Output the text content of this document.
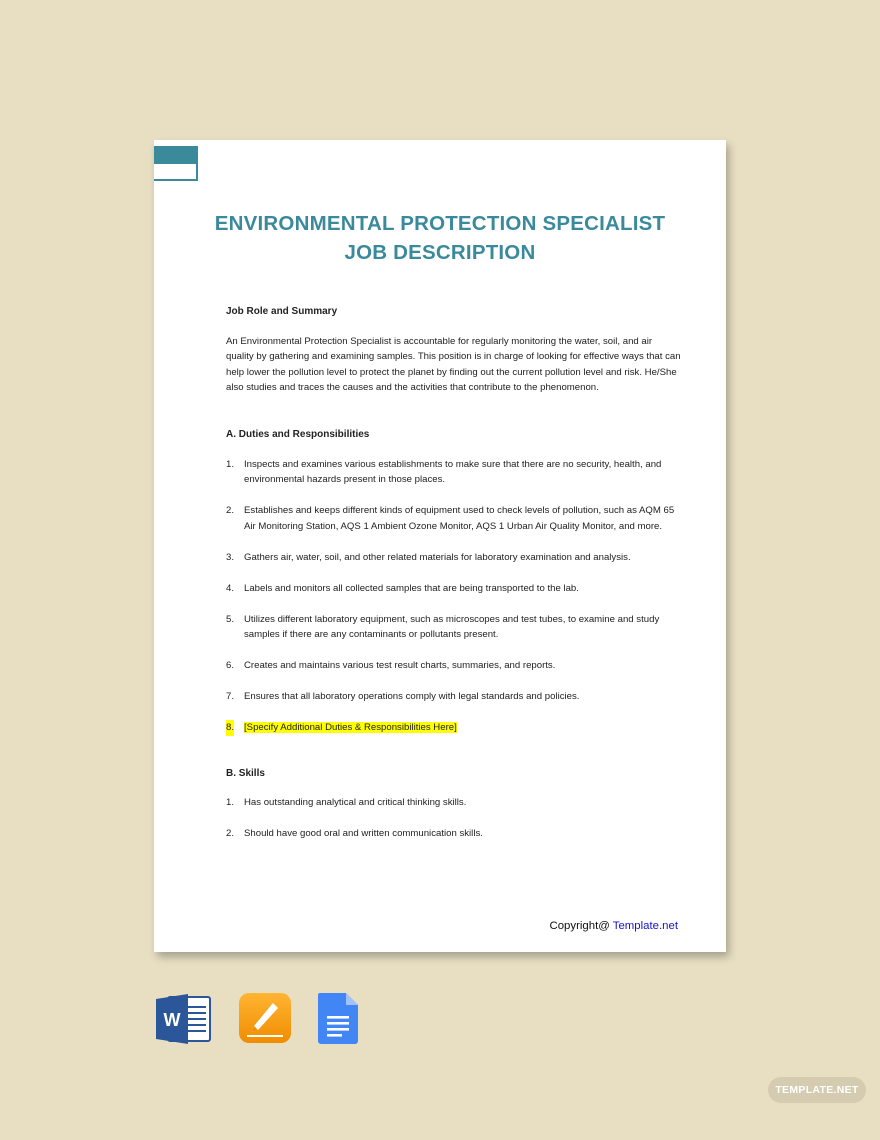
ENVIRONMENTAL PROTECTION SPECIALIST
JOB DESCRIPTION

Job Role and Summary

An Environmental Protection Specialist is accountable for regularly monitoring the water, soil, and air quality by gathering and examining samples. This position is in charge of looking for effective ways that can help lower the pollution level to protect the planet by finding out the current pollution level and risk. He/She also studies and traces the causes and the activities that contribute to the phenomenon.

A. Duties and Responsibilities

1. Inspects and examines various establishments to make sure that there are no security, health, and environmental hazards present in those places.
2. Establishes and keeps different kinds of equipment used to check levels of pollution, such as AQM 65 Air Monitoring Station, AQS 1 Ambient Ozone Monitor, AQS 1 Urban Air Quality Monitor, and more.
3. Gathers air, water, soil, and other related materials for laboratory examination and analysis.
4. Labels and monitors all collected samples that are being transported to the lab.
5. Utilizes different laboratory equipment, such as microscopes and test tubes, to examine and study samples if there are any contaminants or pollutants present.
6. Creates and maintains various test result charts, summaries, and reports.
7. Ensures that all laboratory operations comply with legal standards and policies.
8. [Specify Additional Duties & Responsibilities Here]

B. Skills

1. Has outstanding analytical and critical thinking skills.
2. Should have good oral and written communication skills.
Copyright@ Template.net
W
TEMPLATE.NET
